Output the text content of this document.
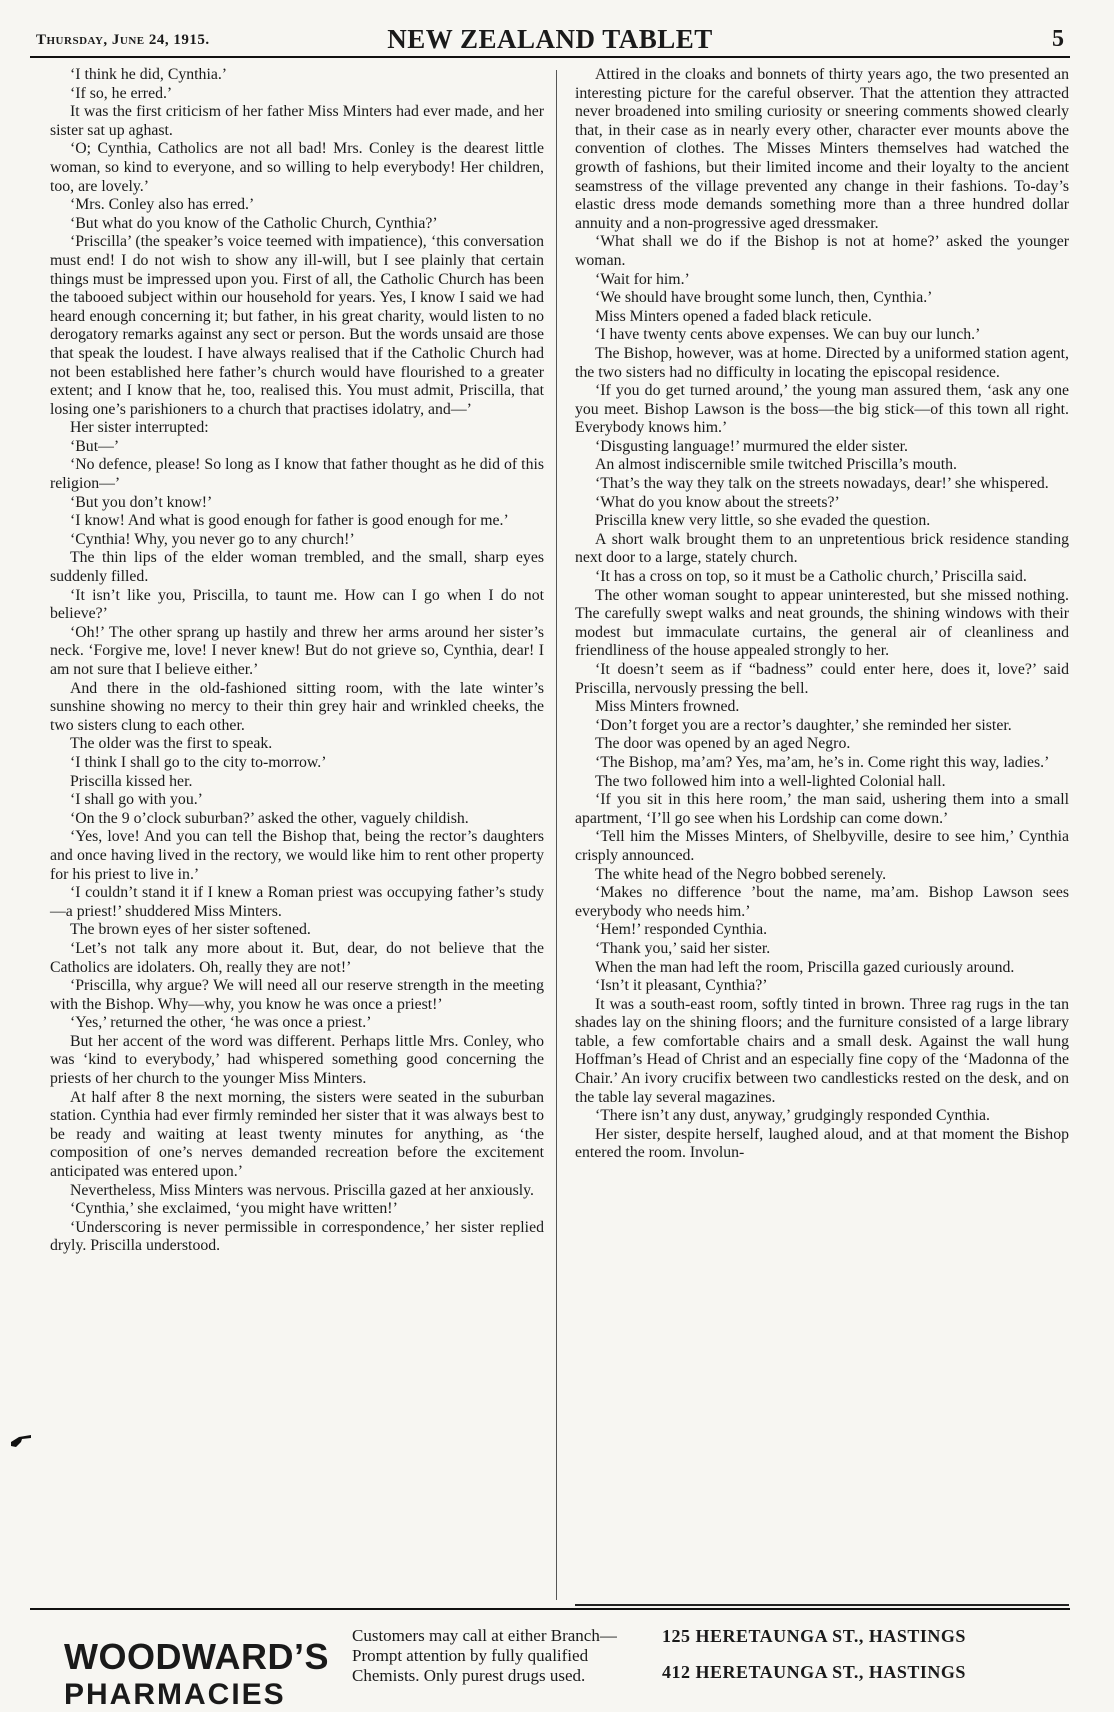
Thursday, June 24, 1915.	NEW ZEALAND TABLET	5

‘I think he did, Cynthia.’

‘If so, he erred.’

It was the first criticism of her father Miss Minters had ever made, and her sister sat up aghast.

‘O; Cynthia, Catholics are not all bad! Mrs. Conley is the dearest little woman, so kind to everyone, and so willing to help everybody! Her children, too, are lovely.’

‘Mrs. Conley also has erred.’

‘But what do you know of the Catholic Church, Cynthia?’

‘Priscilla’ (the speaker’s voice teemed with impatience), ‘this conversation must end! I do not wish to show any ill-will, but I see plainly that certain things must be impressed upon you. First of all, the Catholic Church has been the tabooed subject within our household for years. Yes, I know I said we had heard enough concerning it; but father, in his great charity, would listen to no derogatory remarks against any sect or person. But the words unsaid are those that speak the loudest. I have always realised that if the Catholic Church had not been established here father’s church would have flourished to a greater extent; and I know that he, too, realised this. You must admit, Priscilla, that losing one’s parishioners to a church that practises idolatry, and—’

Her sister interrupted:

‘But—’

‘No defence, please! So long as I know that father thought as he did of this religion—’

‘But you don’t know!’

‘I know! And what is good enough for father is good enough for me.’

‘Cynthia! Why, you never go to any church!’

The thin lips of the elder woman trembled, and the small, sharp eyes suddenly filled.

‘It isn’t like you, Priscilla, to taunt me. How can I go when I do not believe?’

‘Oh!’ The other sprang up hastily and threw her arms around her sister’s neck. ‘Forgive me, love! I never knew! But do not grieve so, Cynthia, dear! I am not sure that I believe either.’

And there in the old-fashioned sitting room, with the late winter’s sunshine showing no mercy to their thin grey hair and wrinkled cheeks, the two sisters clung to each other.

The older was the first to speak.

‘I think I shall go to the city to-morrow.’

Priscilla kissed her.

‘I shall go with you.’

‘On the 9 o’clock suburban?’ asked the other, vaguely childish.

‘Yes, love! And you can tell the Bishop that, being the rector’s daughters and once having lived in the rectory, we would like him to rent other property for his priest to live in.’

‘I couldn’t stand it if I knew a Roman priest was occupying father’s study—a priest!’ shuddered Miss Minters.

The brown eyes of her sister softened.

‘Let’s not talk any more about it. But, dear, do not believe that the Catholics are idolaters. Oh, really they are not!’

‘Priscilla, why argue? We will need all our reserve strength in the meeting with the Bishop. Why—why, you know he was once a priest!’

‘Yes,’ returned the other, ‘he was once a priest.’

But her accent of the word was different. Perhaps little Mrs. Conley, who was ‘kind to everybody,’ had whispered something good concerning the priests of her church to the younger Miss Minters.

At half after 8 the next morning, the sisters were seated in the suburban station. Cynthia had ever firmly reminded her sister that it was always best to be ready and waiting at least twenty minutes for anything, as ‘the composition of one’s nerves demanded recreation before the excitement anticipated was entered upon.’

Nevertheless, Miss Minters was nervous. Priscilla gazed at her anxiously.

‘Cynthia,’ she exclaimed, ‘you might have written!’

‘Underscoring is never permissible in correspondence,’ her sister replied dryly. Priscilla understood.

Attired in the cloaks and bonnets of thirty years ago, the two presented an interesting picture for the careful observer. That the attention they attracted never broadened into smiling curiosity or sneering comments showed clearly that, in their case as in nearly every other, character ever mounts above the convention of clothes. The Misses Minters themselves had watched the growth of fashions, but their limited income and their loyalty to the ancient seamstress of the village prevented any change in their fashions. To-day’s elastic dress mode demands something more than a three hundred dollar annuity and a non-progressive aged dressmaker.

‘What shall we do if the Bishop is not at home?’ asked the younger woman.

‘Wait for him.’

‘We should have brought some lunch, then, Cynthia.’

Miss Minters opened a faded black reticule.

‘I have twenty cents above expenses. We can buy our lunch.’

The Bishop, however, was at home. Directed by a uniformed station agent, the two sisters had no difficulty in locating the episcopal residence.

‘If you do get turned around,’ the young man assured them, ‘ask any one you meet. Bishop Lawson is the boss—the big stick—of this town all right. Everybody knows him.’

‘Disgusting language!’ murmured the elder sister.

An almost indiscernible smile twitched Priscilla’s mouth.

‘That’s the way they talk on the streets nowadays, dear!’ she whispered.

‘What do you know about the streets?’

Priscilla knew very little, so she evaded the question.

A short walk brought them to an unpretentious brick residence standing next door to a large, stately church.

‘It has a cross on top, so it must be a Catholic church,’ Priscilla said.

The other woman sought to appear uninterested, but she missed nothing. The carefully swept walks and neat grounds, the shining windows with their modest but immaculate curtains, the general air of cleanliness and friendliness of the house appealed strongly to her.

‘It doesn’t seem as if “badness” could enter here, does it, love?’ said Priscilla, nervously pressing the bell.

Miss Minters frowned.

‘Don’t forget you are a rector’s daughter,’ she reminded her sister.

The door was opened by an aged Negro.

‘The Bishop, ma’am? Yes, ma’am, he’s in. Come right this way, ladies.’

The two followed him into a well-lighted Colonial hall.

‘If you sit in this here room,’ the man said, ushering them into a small apartment, ‘I’ll go see when his Lordship can come down.’

‘Tell him the Misses Minters, of Shelbyville, desire to see him,’ Cynthia crisply announced.

The white head of the Negro bobbed serenely.

‘Makes no difference ’bout the name, ma’am. Bishop Lawson sees everybody who needs him.’

‘Hem!’ responded Cynthia.

‘Thank you,’ said her sister.

When the man had left the room, Priscilla gazed curiously around.

‘Isn’t it pleasant, Cynthia?’

It was a south-east room, softly tinted in brown. Three rag rugs in the tan shades lay on the shining floors; and the furniture consisted of a large library table, a few comfortable chairs and a small desk. Against the wall hung Hoffman’s Head of Christ and an especially fine copy of the ‘Madonna of the Chair.’ An ivory crucifix between two candlesticks rested on the desk, and on the table lay several magazines.

‘There isn’t any dust, anyway,’ grudgingly responded Cynthia.

Her sister, despite herself, laughed aloud, and at that moment the Bishop entered the room. Involun-

WOODWARD’S
PHARMACIES
Customers may call at either Branch—
Prompt attention by fully qualified
Chemists. Only purest drugs used.
125 HERETAUNGA ST., HASTINGS
412 HERETAUNGA ST., HASTINGS
